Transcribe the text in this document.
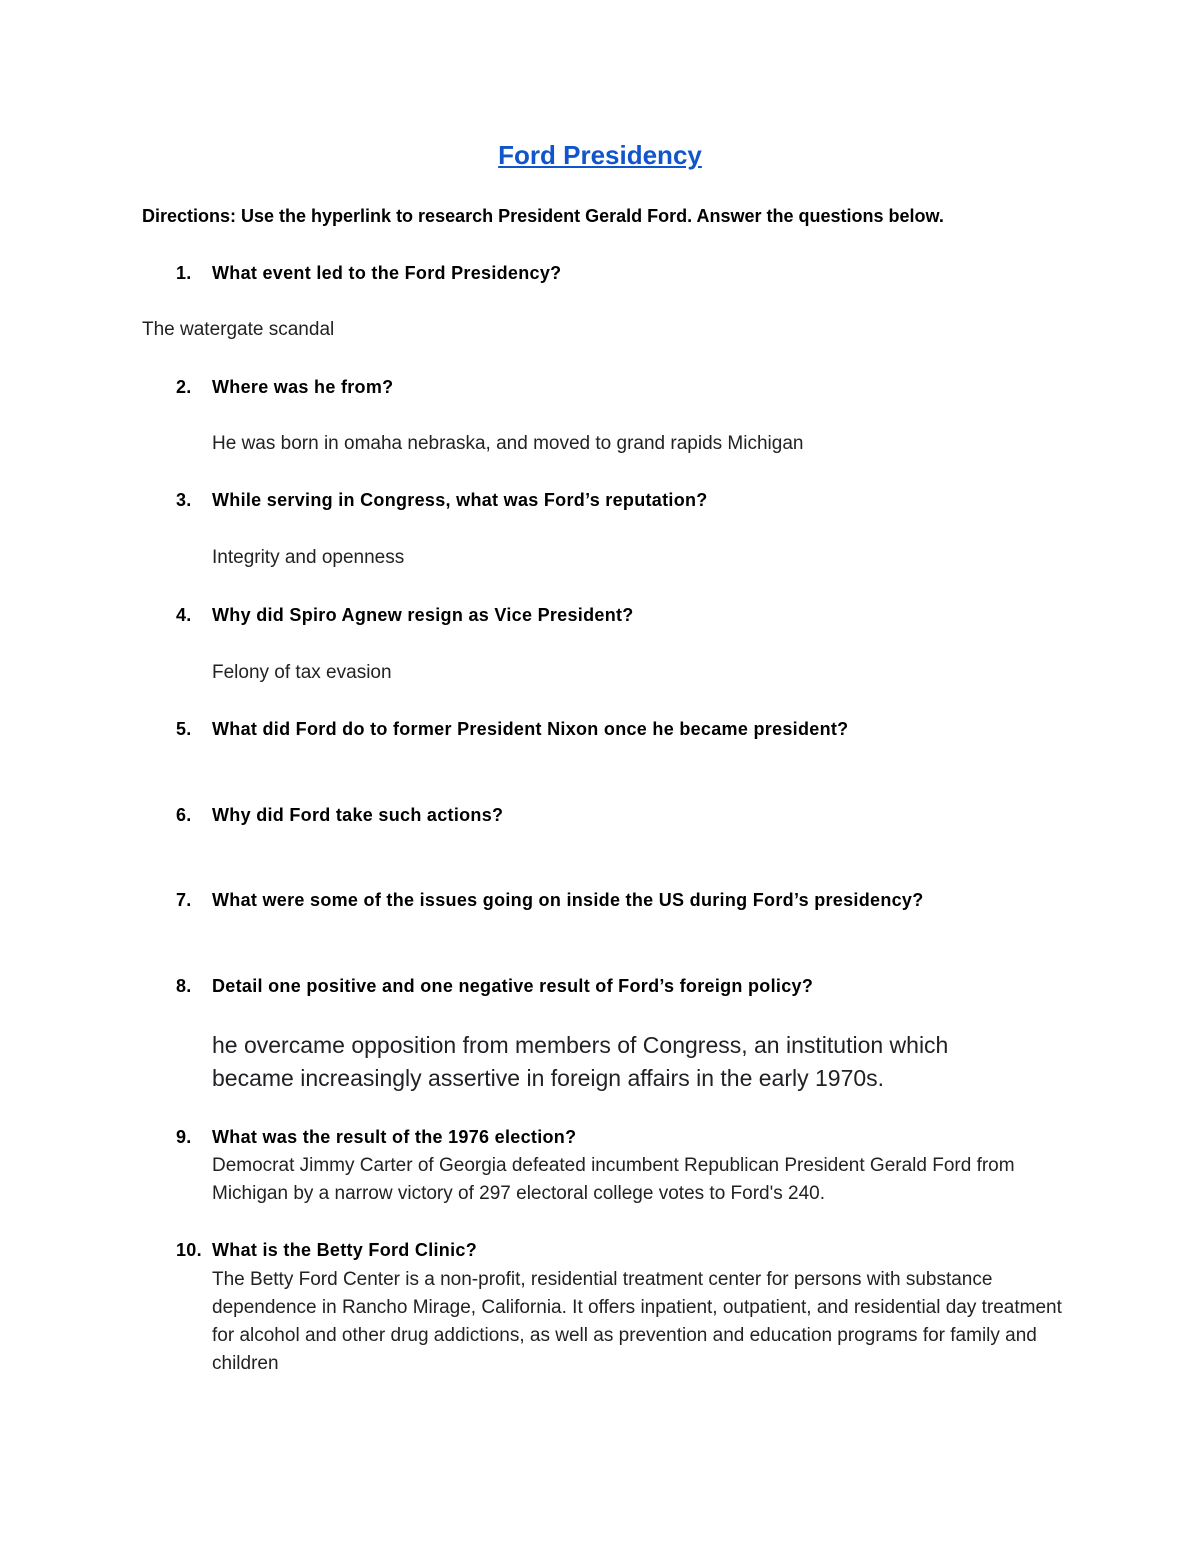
Ford Presidency
Directions: Use the hyperlink to research President Gerald Ford. Answer the questions below.
1. What event led to the Ford Presidency?
The watergate scandal
2. Where was he from?
He was born in omaha nebraska, and moved to grand rapids Michigan
3. While serving in Congress, what was Ford’s reputation?
Integrity and openness
4. Why did Spiro Agnew resign as Vice President?
Felony of tax evasion
5. What did Ford do to former President Nixon once he became president?
6. Why did Ford take such actions?
7. What were some of the issues going on inside the US during Ford’s presidency?
8. Detail one positive and one negative result of Ford’s foreign policy?
he overcame opposition from members of Congress, an institution which became increasingly assertive in foreign affairs in the early 1970s.
9. What was the result of the 1976 election?
Democrat Jimmy Carter of Georgia defeated incumbent Republican President Gerald Ford from Michigan by a narrow victory of 297 electoral college votes to Ford's 240.
10. What is the Betty Ford Clinic?
The Betty Ford Center is a non-profit, residential treatment center for persons with substance dependence in Rancho Mirage, California. It offers inpatient, outpatient, and residential day treatment for alcohol and other drug addictions, as well as prevention and education programs for family and children
